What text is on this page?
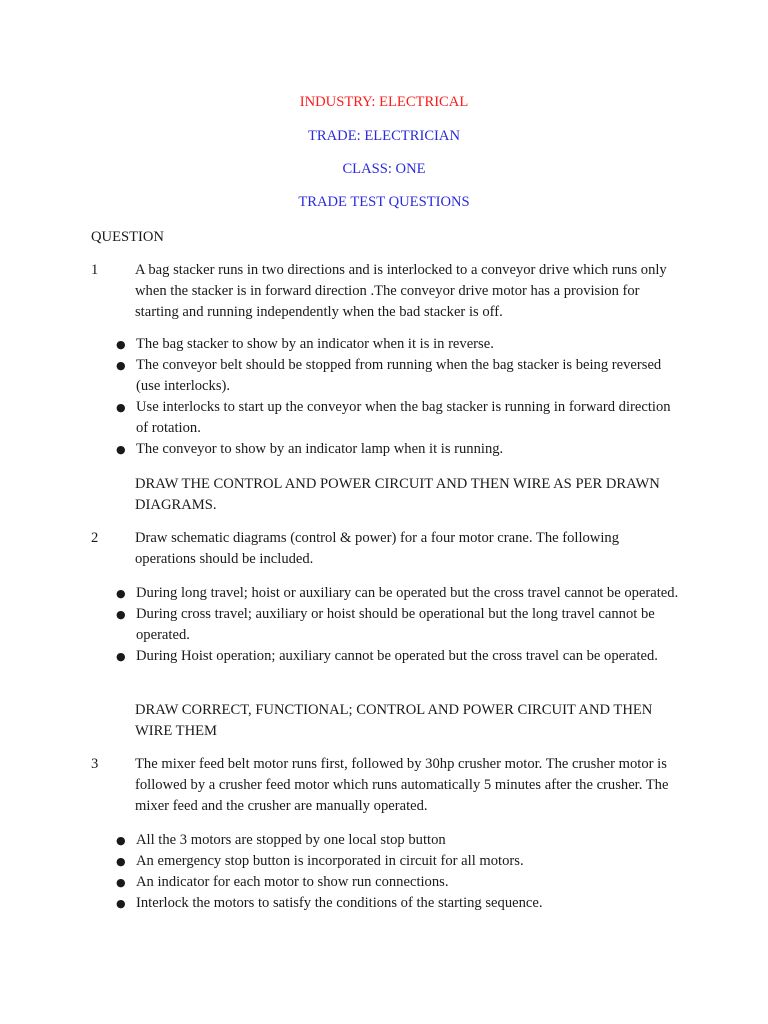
INDUSTRY: ELECTRICAL
TRADE: ELECTRICIAN
CLASS: ONE
TRADE TEST QUESTIONS
QUESTION
1	A bag stacker runs in two directions and is interlocked to a conveyor drive which runs only when the stacker is in forward direction .The conveyor drive motor has a provision for starting and running independently when the bad stacker is off.
● The bag stacker to show by an indicator when it is in reverse.
● The conveyor belt should be stopped from running when the bag stacker is being reversed (use interlocks).
● Use interlocks to start up the conveyor when the bag stacker is running in forward direction of rotation.
● The conveyor to show by an indicator lamp when it is running.
DRAW THE CONTROL AND POWER CIRCUIT AND THEN WIRE AS PER DRAWN DIAGRAMS.
2	Draw schematic diagrams (control & power) for a four motor crane. The following operations should be included.
● During long travel; hoist or auxiliary can be operated but the cross travel cannot be operated.
● During cross travel; auxiliary or hoist should be operational but the long travel cannot be operated.
● During Hoist operation; auxiliary cannot be operated but the cross travel can be operated.
DRAW CORRECT, FUNCTIONAL; CONTROL AND POWER CIRCUIT AND THEN WIRE THEM
3	The mixer feed belt motor runs first, followed by 30hp crusher motor. The crusher motor is followed by a crusher feed motor which runs automatically 5 minutes after the crusher. The mixer feed and the crusher are manually operated.
● All the 3 motors are stopped by one local stop button
● An emergency stop button is incorporated in circuit for all motors.
● An indicator for each motor to show run connections.
● Interlock the motors to satisfy the conditions of the starting sequence.
